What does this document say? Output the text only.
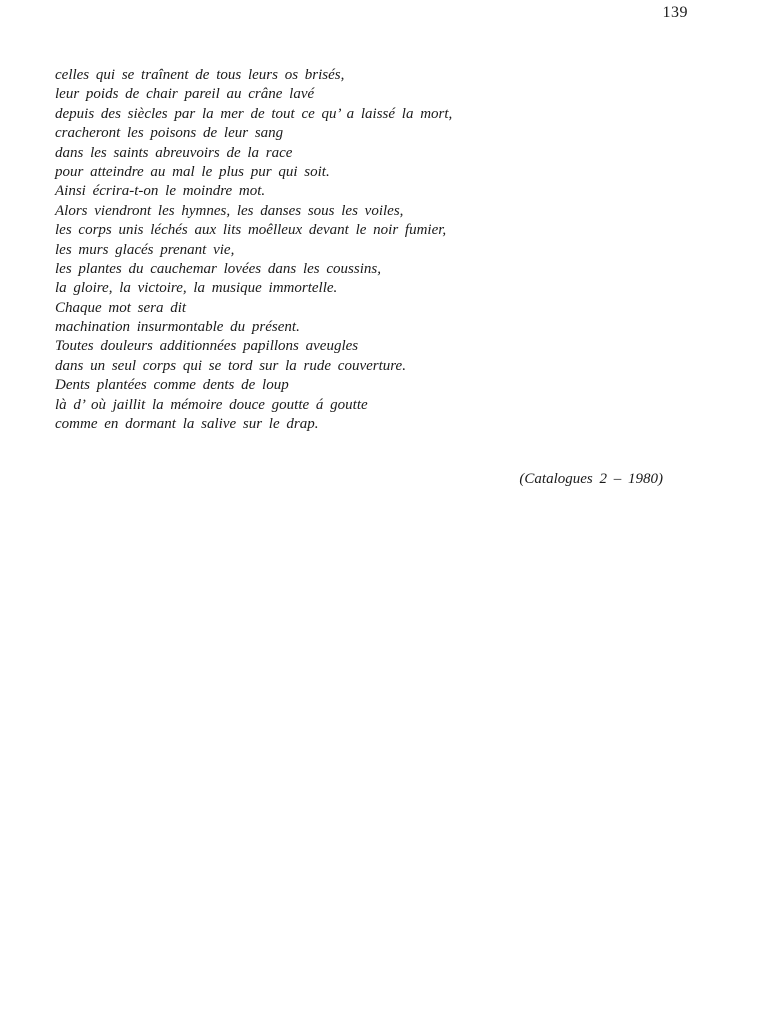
139
celles qui se traînent de tous leurs os brisés,
leur poids de chair pareil au crâne lavé
depuis des siècles par la mer de tout ce qu’ a laissé la mort,
cracheront les poisons de leur sang
dans les saints abreuvoirs de la race
pour atteindre au mal le plus pur qui soit.
Ainsi écrira-t-on le moindre mot.
Alors viendront les hymnes, les danses sous les voiles,
les corps unis léchés aux lits moêlleux devant le noir fumier,
les murs glacés prenant vie,
les plantes du cauchemar lovées dans les coussins,
la gloire, la victoire, la musique immortelle.
Chaque mot sera dit
machination insurmontable du présent.
Toutes douleurs additionnées papillons aveugles
dans un seul corps qui se tord sur la rude couverture.
Dents plantées comme dents de loup
là d’ où jaillit la mémoire douce goutte á goutte
comme en dormant la salive sur le drap.
(Catalogues 2 – 1980)
